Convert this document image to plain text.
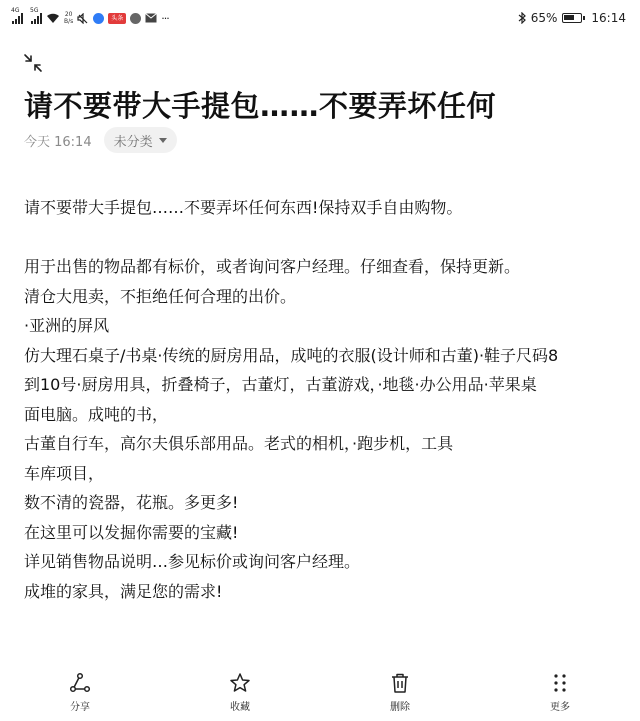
4G 5G
20
B/s	头条	···	65%	16:14
请不要带大手提包……不要弄坏任何
今天 16:14 未分类

请不要带大手提包……不要弄坏任何东西!保持双手自由购物。

用于出售的物品都有标价，或者询问客户经理。仔细查看，保持更新。

清仓大甩卖，不拒绝任何合理的出价。

·亚洲的屏风

仿大理石桌子/书桌·传统的厨房用品，成吨的衣服(设计师和古董)·鞋子尺码8

到10号·厨房用具，折叠椅子，古董灯，古董游戏，·地毯·办公用品·苹果桌

面电脑。成吨的书，

古董自行车，高尔夫俱乐部用品。老式的相机，·跑步机，工具

车库项目，

数不清的瓷器，花瓶。多更多!

在这里可以发掘你需要的宝藏!

详见销售物品说明…参见标价或询问客户经理。

成堆的家具，满足您的需求!

分享	收藏	删除	更多
